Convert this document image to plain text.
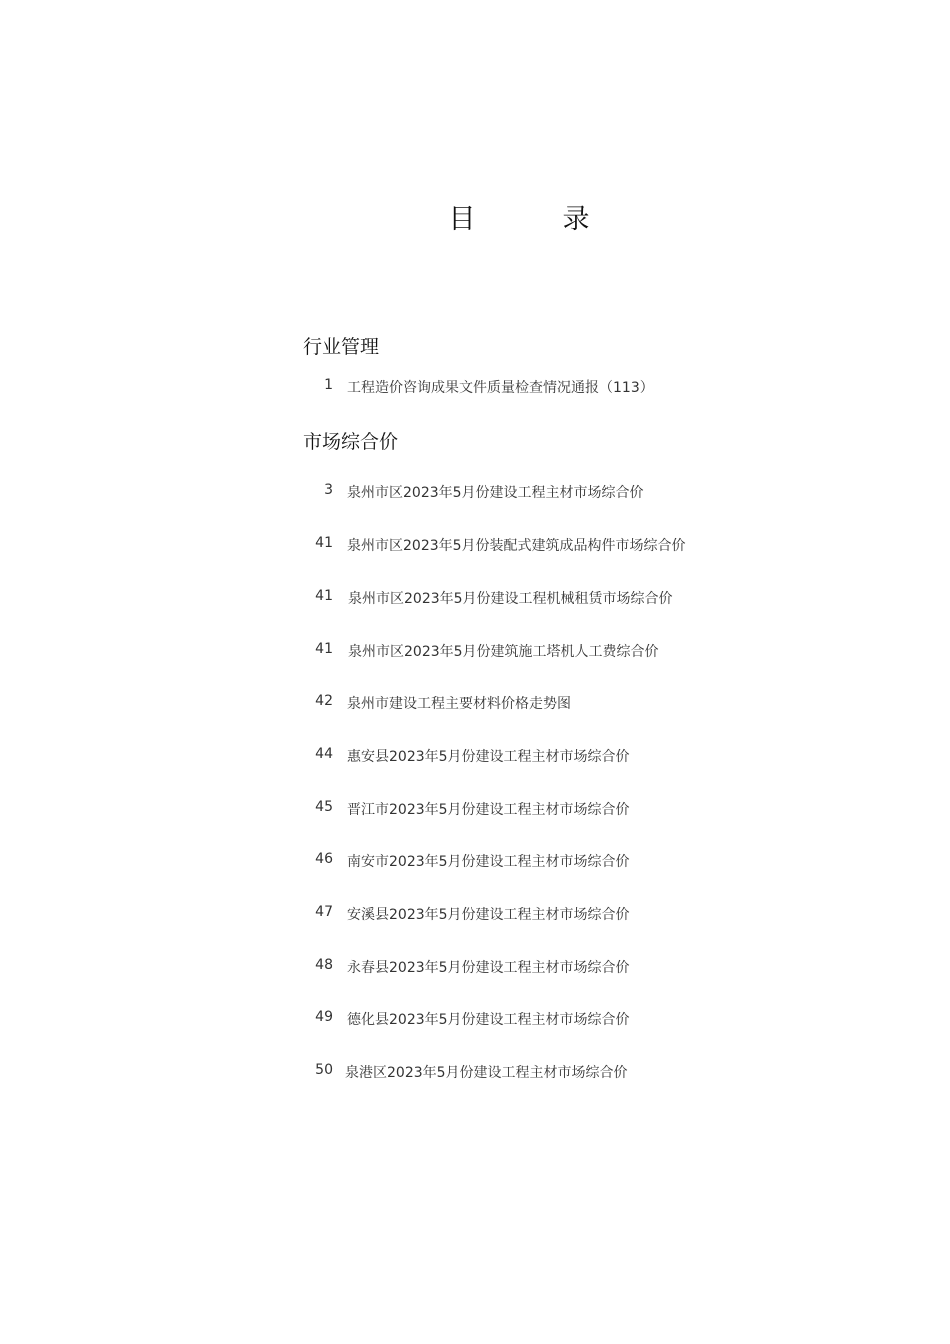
目　录
行业管理
1 工程造价咨询成果文件质量检查情况通报（113）
市场综合价
3 泉州市区2023年5月份建设工程主材市场综合价
41 泉州市区2023年5月份装配式建筑成品构件市场综合价
41 泉州市区2023年5月份建设工程机械租赁市场综合价
41 泉州市区2023年5月份建筑施工塔机人工费综合价
42 泉州市建设工程主要材料价格走势图
44 惠安县2023年5月份建设工程主材市场综合价
45 晋江市2023年5月份建设工程主材市场综合价
46 南安市2023年5月份建设工程主材市场综合价
47 安溪县2023年5月份建设工程主材市场综合价
48 永春县2023年5月份建设工程主材市场综合价
49 德化县2023年5月份建设工程主材市场综合价
50 泉港区2023年5月份建设工程主材市场综合价
